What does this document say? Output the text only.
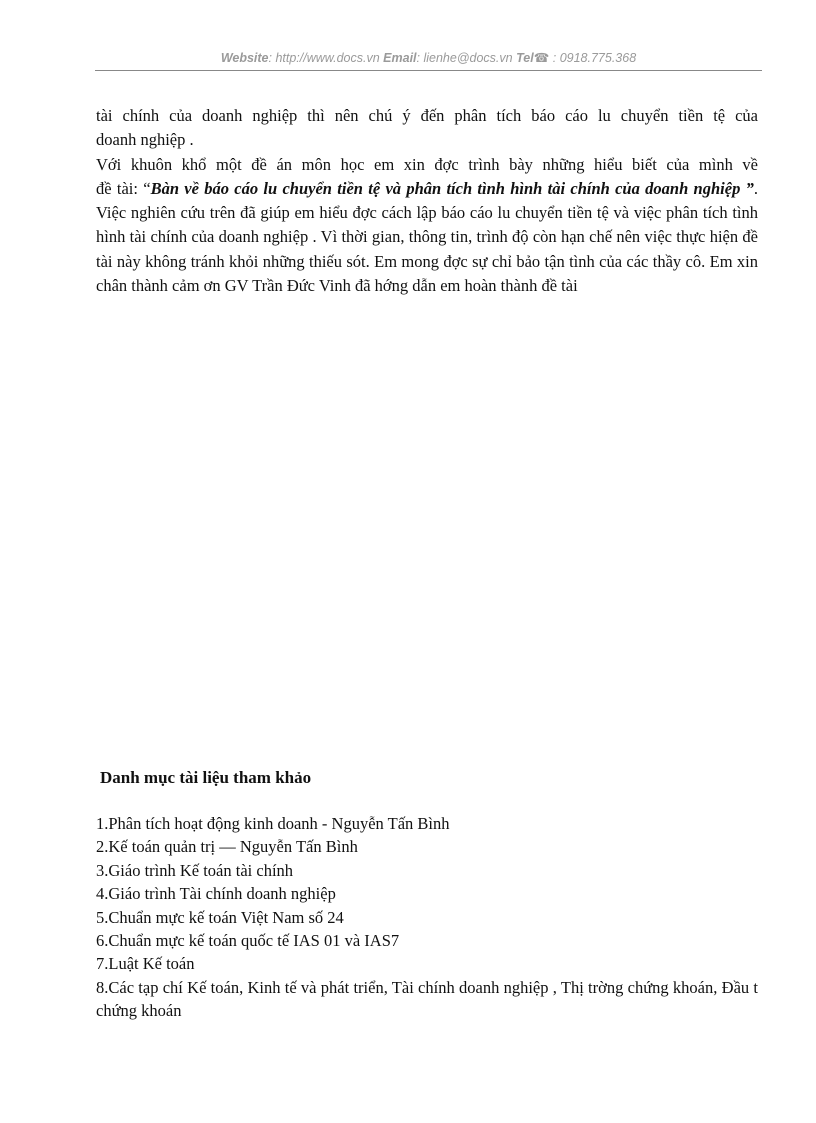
Website: http://www.docs.vn Email: lienhe@docs.vn Tel☎ : 0918.775.368

tài chính của doanh nghiệp thì nên chú ý đến phân tích báo cáo lu chuyển tiền tệ của
doanh nghiệp .

Với khuôn khổ một đề án môn học em xin đợc trình bày những hiểu biết của mình về
đề tài: “Bàn về báo cáo lu chuyển tiền tệ và phân tích tình hình tài chính của doanh nghiệp ”. Việc nghiên cứu trên đã giúp em hiểu đợc cách lập báo cáo lu chuyển tiền tệ và việc phân tích tình hình tài chính của doanh nghiệp . Vì thời gian, thông tin, trình độ còn hạn chế nên việc thực hiện đề tài này không tránh khỏi những thiếu sót. Em mong đợc sự chỉ bảo tận tình của các thầy cô. Em xin chân thành cảm ơn GV Trần Đức Vinh đã hớng dẫn em hoàn thành đề tài

Danh mục tài liệu tham khảo
1.Phân tích hoạt động kinh doanh - Nguyễn Tấn Bình
2.Kế toán quản trị — Nguyễn Tấn Bình
3.Giáo trình Kế toán tài chính
4.Giáo trình Tài chính doanh nghiệp
5.Chuẩn mực kế toán Việt Nam số 24
6.Chuẩn mực kế toán quốc tế IAS 01 và IAS7
7.Luật Kế toán
8.Các tạp chí Kế toán, Kinh tế và phát triển, Tài chính doanh nghiệp , Thị trờng chứng khoán, Đầu t chứng khoán
